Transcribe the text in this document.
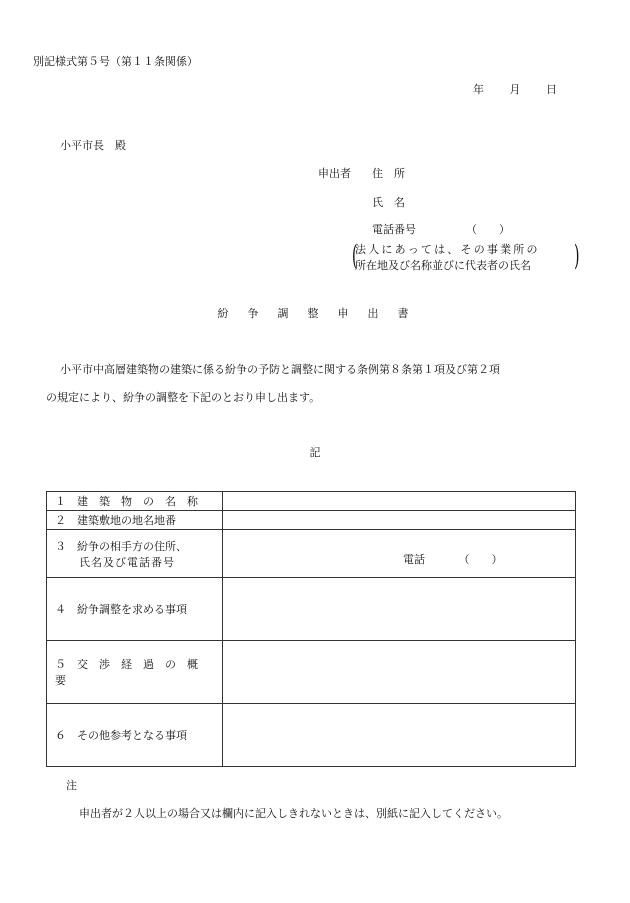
別記様式第５号（第１１条関係）
年 月 日
小平市長　殿
申出者 住　所
氏　名
電話番号	（　　）
(
法人にあっては、その事業所の
所在地及び名称並びに代表者の氏名	)
紛　争　調　整　申　出　書
小平市中高層建築物の建築に係る紛争の予防と調整に関する条例第８条第１項及び第２項
の規定により、紛争の調整を下記のとおり申し出ます。
記
１　建　築　物　の　名　称	
２　建築敷地の地名地番	

３　紛争の相手方の住所、
　　氏名及び電話番号	電話 （　　）
４　紛争調整を求める事項	
５　交　渉　経　過　の　概　要	
６　その他参考となる事項	
注
申出者が２人以上の場合又は欄内に記入しきれないときは、別紙に記入してください。
